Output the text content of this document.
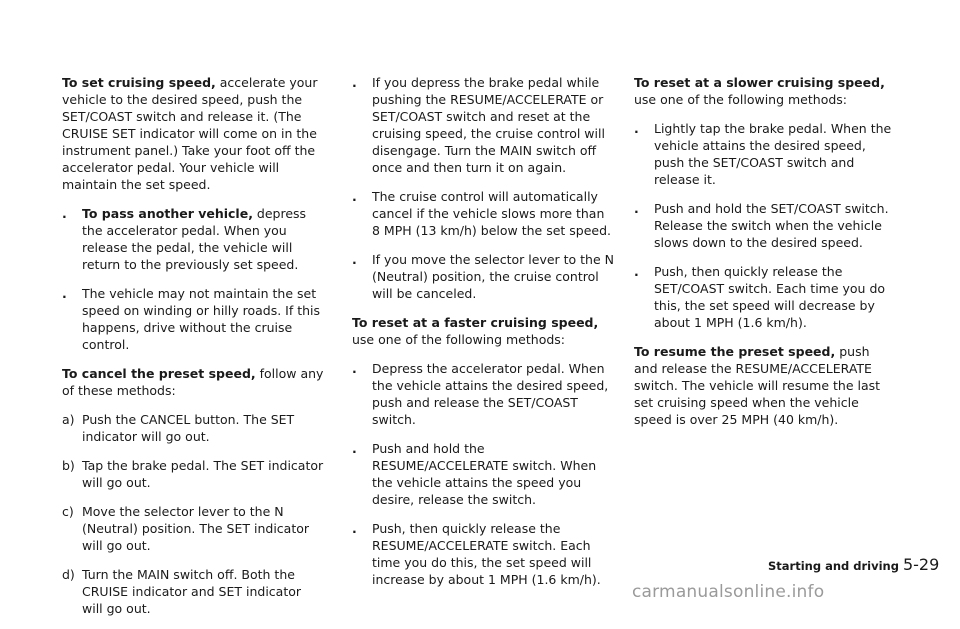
To set cruising speed, accelerate your vehicle to the desired speed, push the SET/COAST switch and release it. (The CRUISE SET indicator will come on in the instrument panel.) Take your foot off the accelerator pedal. Your vehicle will maintain the set speed.

. To pass another vehicle, depress the accelerator pedal. When you release the pedal, the vehicle will return to the previously set speed.
. The vehicle may not maintain the set speed on winding or hilly roads. If this happens, drive without the cruise control.

To cancel the preset speed, follow any of these methods:

a) Push the CANCEL button. The SET indicator will go out.
b) Tap the brake pedal. The SET indicator will go out.
c) Move the selector lever to the N (Neutral) position. The SET indicator will go out.
d) Turn the MAIN switch off. Both the CRUISE indicator and SET indicator will go out.
. If you depress the brake pedal while pushing the RESUME/ACCELERATE or SET/COAST switch and reset at the cruising speed, the cruise control will disengage. Turn the MAIN switch off once and then turn it on again.
. The cruise control will automatically cancel if the vehicle slows more than 8 MPH (13 km/h) below the set speed.
. If you move the selector lever to the N (Neutral) position, the cruise control will be canceled.

To reset at a faster cruising speed, use one of the following methods:

. Depress the accelerator pedal. When the vehicle attains the desired speed, push and release the SET/COAST switch.
. Push and hold the RESUME/ACCELERATE switch. When the vehicle attains the speed you desire, release the switch.
. Push, then quickly release the RESUME/ACCELERATE switch. Each time you do this, the set speed will increase by about 1 MPH (1.6 km/h).

To reset at a slower cruising speed, use one of the following methods:

. Lightly tap the brake pedal. When the vehicle attains the desired speed, push the SET/COAST switch and release it.
. Push and hold the SET/COAST switch. Release the switch when the vehicle slows down to the desired speed.
. Push, then quickly release the SET/COAST switch. Each time you do this, the set speed will decrease by about 1 MPH (1.6 km/h).

To resume the preset speed, push and release the RESUME/ACCELERATE switch. The vehicle will resume the last set cruising speed when the vehicle speed is over 25 MPH (40 km/h).

Starting and driving 5-29
carmanualsonline.info
